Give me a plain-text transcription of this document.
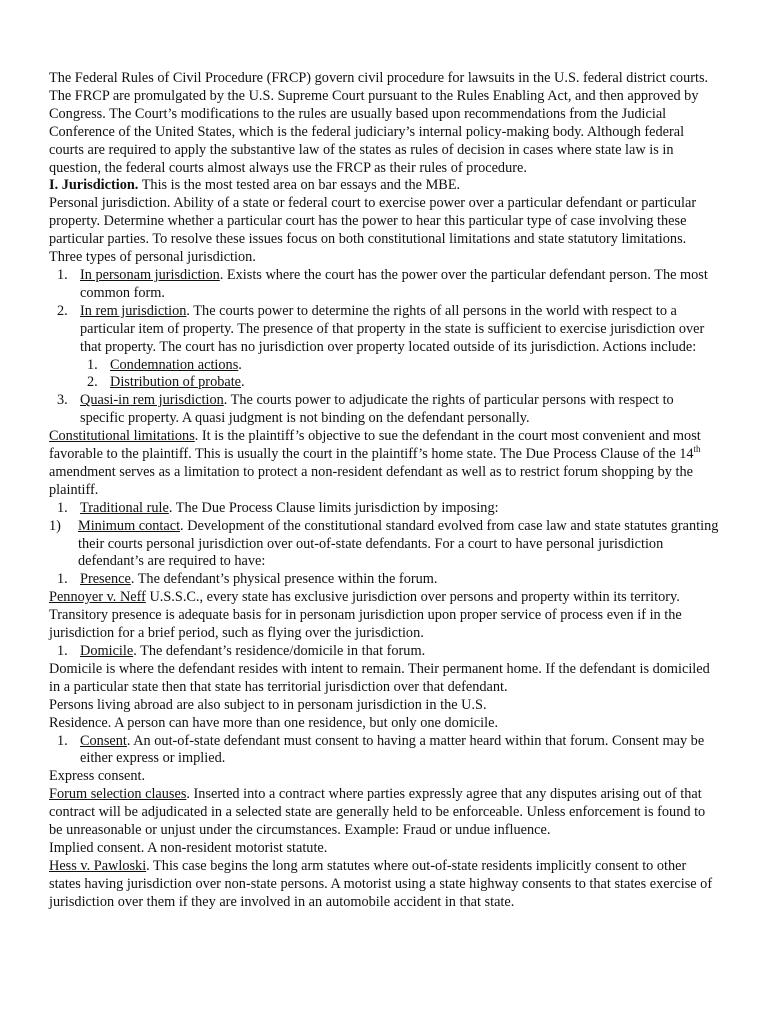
The Federal Rules of Civil Procedure (FRCP) govern civil procedure for lawsuits in the U.S. federal district courts. The FRCP are promulgated by the U.S. Supreme Court pursuant to the Rules Enabling Act, and then approved by Congress. The Court’s modifications to the rules are usually based upon recommendations from the Judicial Conference of the United States, which is the federal judiciary’s internal policy-making body. Although federal courts are required to apply the substantive law of the states as rules of decision in cases where state law is in question, the federal courts almost always use the FRCP as their rules of procedure.

I. Jurisdiction. This is the most tested area on bar essays and the MBE.

Personal jurisdiction. Ability of a state or federal court to exercise power over a particular defendant or particular property. Determine whether a particular court has the power to hear this particular type of case involving these particular parties. To resolve these issues focus on both constitutional limitations and state statutory limitations.

Three types of personal jurisdiction.

1. In personam jurisdiction. Exists where the court has the power over the particular defendant person. The most common form.
2. In rem jurisdiction. The courts power to determine the rights of all persons in the world with respect to a particular item of property. The presence of that property in the state is sufficient to exercise jurisdiction over that property. The court has no jurisdiction over property located outside of its jurisdiction. Actions include:
1. Condemnation actions.
2. Distribution of probate.
3. Quasi-in rem jurisdiction. The courts power to adjudicate the rights of particular persons with respect to specific property. A quasi judgment is not binding on the defendant personally.

Constitutional limitations. It is the plaintiff’s objective to sue the defendant in the court most convenient and most favorable to the plaintiff. This is usually the court in the plaintiff’s home state. The Due Process Clause of the 14th amendment serves as a limitation to protect a non-resident defendant as well as to restrict forum shopping by the plaintiff.

1. Traditional rule. The Due Process Clause limits jurisdiction by imposing:
1) Minimum contact. Development of the constitutional standard evolved from case law and state statutes granting their courts personal jurisdiction over out-of-state defendants. For a court to have personal jurisdiction defendant’s are required to have:
1. Presence. The defendant’s physical presence within the forum.

Pennoyer v. Neff U.S.S.C., every state has exclusive jurisdiction over persons and property within its territory. Transitory presence is adequate basis for in personam jurisdiction upon proper service of process even if in the jurisdiction for a brief period, such as flying over the jurisdiction.

1. Domicile. The defendant’s residence/domicile in that forum.

Domicile is where the defendant resides with intent to remain. Their permanent home. If the defendant is domiciled in a particular state then that state has territorial jurisdiction over that defendant.

Persons living abroad are also subject to in personam jurisdiction in the U.S.

Residence. A person can have more than one residence, but only one domicile.

1. Consent. An out-of-state defendant must consent to having a matter heard within that forum. Consent may be either express or implied.

Express consent.

Forum selection clauses. Inserted into a contract where parties expressly agree that any disputes arising out of that contract will be adjudicated in a selected state are generally held to be enforceable. Unless enforcement is found to be unreasonable or unjust under the circumstances. Example: Fraud or undue influence.

Implied consent. A non-resident motorist statute.

Hess v. Pawloski. This case begins the long arm statutes where out-of-state residents implicitly consent to other states having jurisdiction over non-state persons. A motorist using a state highway consents to that states exercise of jurisdiction over them if they are involved in an automobile accident in that state.
